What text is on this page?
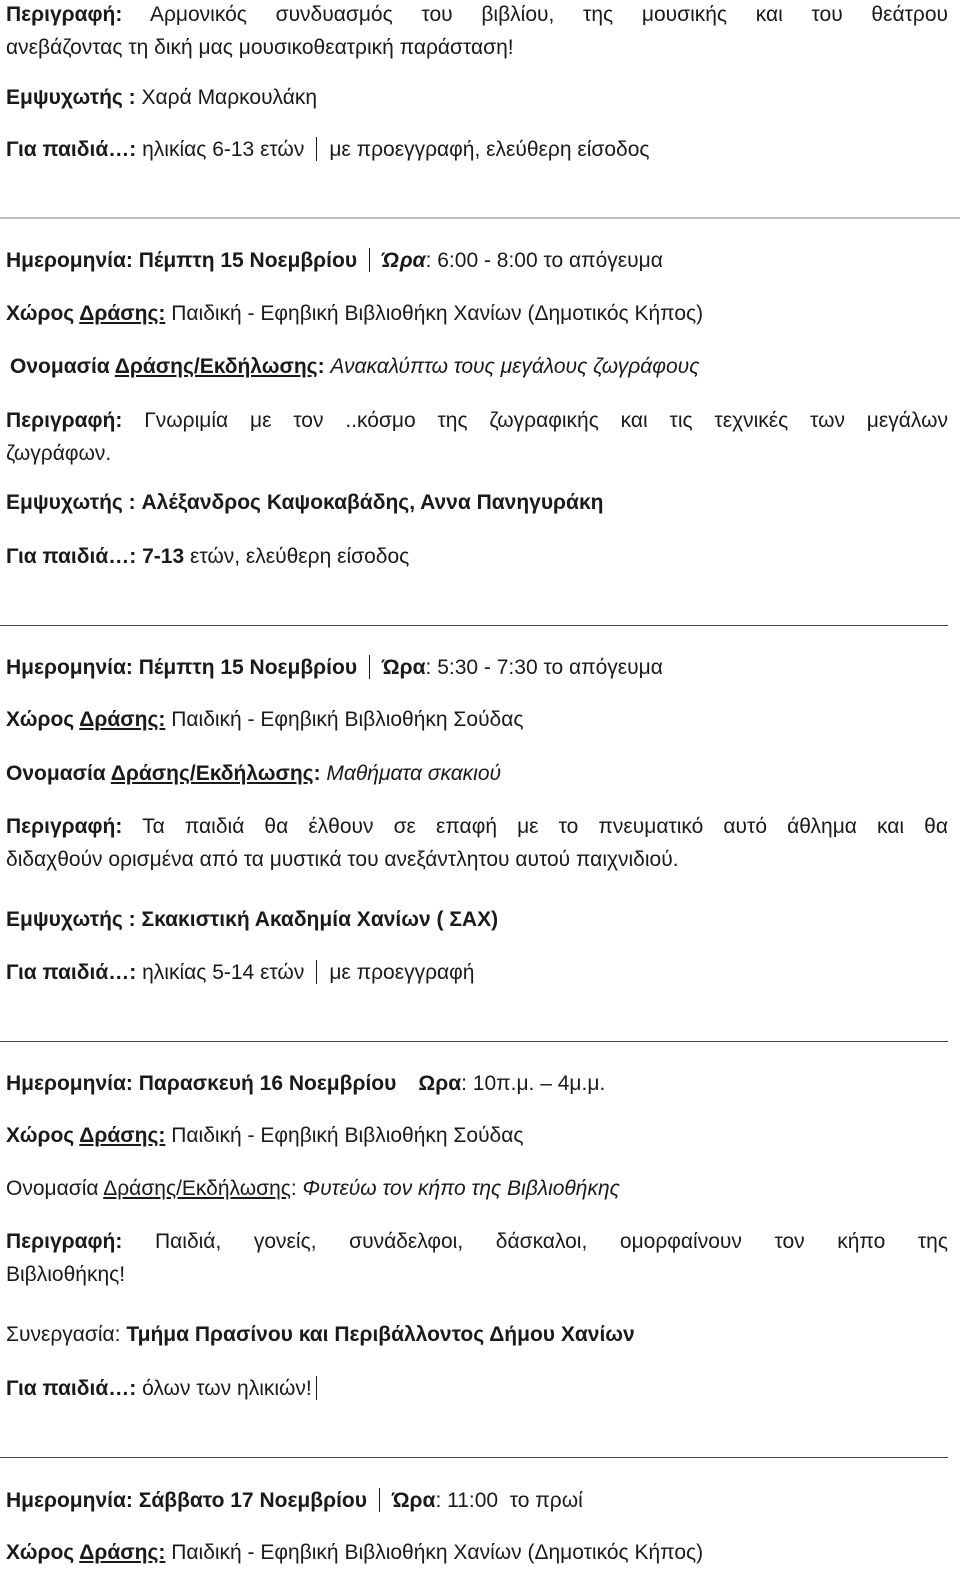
Περιγραφή: Αρμονικός συνδυασμός του βιβλίου, της μουσικής και του θεάτρου
ανεβάζοντας τη δική μας μουσικοθεατρική παράσταση!
Εμψυχωτής : Χαρά Μαρκουλάκη
Για παιδιά…: ηλικίας 6-13 ετών με προεγγραφή, ελεύθερη είσοδος
Ημερομηνία: Πέμπτη 15 Νοεμβρίου Ώρα: 6:00 - 8:00 το απόγευμα
Χώρος Δράσης: Παιδική - Εφηβική Βιβλιοθήκη Χανίων (Δημοτικός Κήπος)
Ονομασία Δράσης/Εκδήλωσης: Ανακαλύπτω τους μεγάλους ζωγράφους
Περιγραφή: Γνωριμία με τον ..κόσμο της ζωγραφικής και τις τεχνικές των μεγάλων
ζωγράφων.
Εμψυχωτής : Αλέξανδρος Καψοκαβάδης, Αννα Πανηγυράκη
Για παιδιά…: 7-13 ετών, ελεύθερη είσοδος
Ημερομηνία: Πέμπτη 15 Νοεμβρίου Ώρα: 5:30 - 7:30 το απόγευμα
Χώρος Δράσης: Παιδική - Εφηβική Βιβλιοθήκη Σούδας
Ονομασία Δράσης/Εκδήλωσης: Μαθήματα σκακιού
Περιγραφή: Τα παιδιά θα έλθουν σε επαφή με το πνευματικό αυτό άθλημα και θα
διδαχθούν ορισμένα από τα μυστικά του ανεξάντλητου αυτού παιχνιδιού.
Εμψυχωτής : Σκακιστική Ακαδημία Χανίων ( ΣΑΧ)
Για παιδιά…: ηλικίας 5-14 ετών με προεγγραφή
Ημερομηνία: Παρασκευή 16 Νοεμβρίου Ωρα: 10π.μ. – 4μ.μ.
Χώρος Δράσης: Παιδική - Εφηβική Βιβλιοθήκη Σούδας
Ονομασία Δράσης/Εκδήλωσης: Φυτεύω τον κήπο της Βιβλιοθήκης
Περιγραφή: Παιδιά, γονείς, συνάδελφοι, δάσκαλοι, ομορφαίνουν τον κήπο της
Βιβλιοθήκης!
Συνεργασία: Τμήμα Πρασίνου και Περιβάλλοντος Δήμου Χανίων
Για παιδιά…: όλων των ηλικιών!
Ημερομηνία: Σάββατο 17 Νοεμβρίου Ώρα: 11:00  το πρωί
Χώρος Δράσης: Παιδική - Εφηβική Βιβλιοθήκη Χανίων (Δημοτικός Κήπος)
